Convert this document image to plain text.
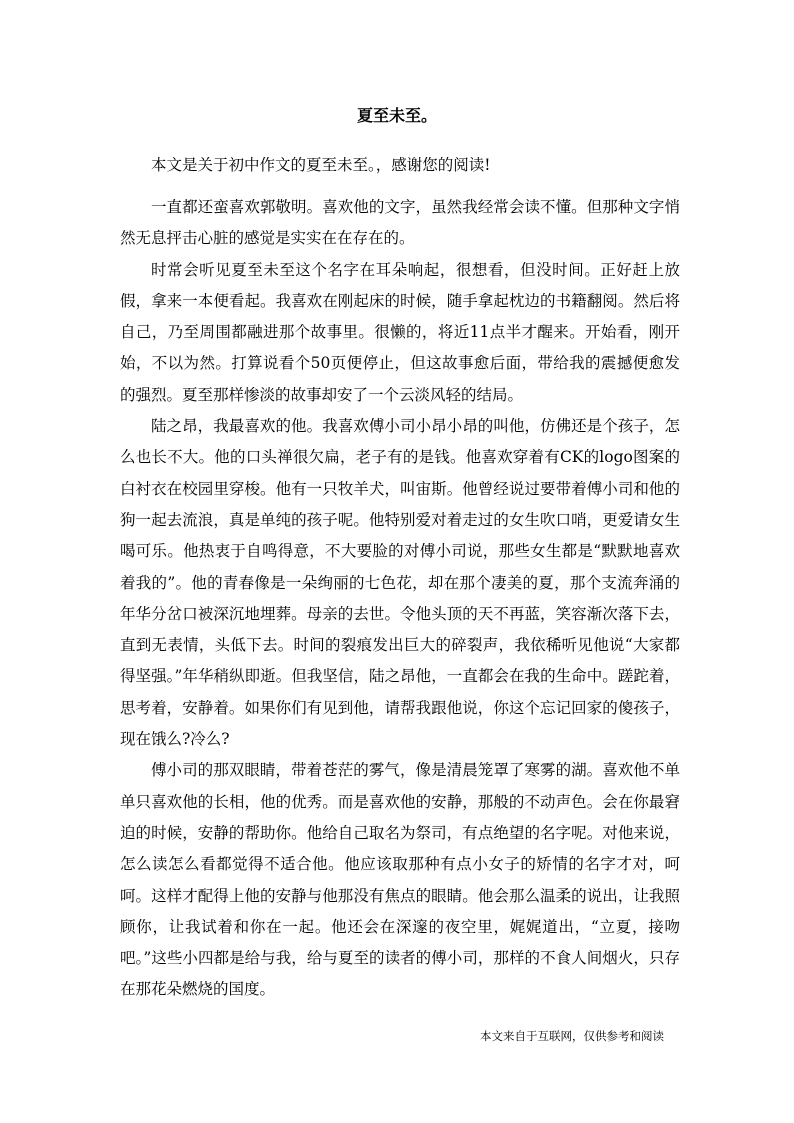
夏至未至。
本文是关于初中作文的夏至未至。，感谢您的阅读!

一直都还蛮喜欢郭敬明。喜欢他的文字，虽然我经常会读不懂。但那种文字悄然无息抨击心脏的感觉是实实在在存在的。

时常会听见夏至未至这个名字在耳朵响起，很想看，但没时间。正好赶上放假，拿来一本便看起。我喜欢在刚起床的时候，随手拿起枕边的书籍翻阅。然后将自己，乃至周围都融进那个故事里。很懒的，将近11点半才醒来。开始看，刚开始，不以为然。打算说看个50页便停止，但这故事愈后面，带给我的震撼便愈发的强烈。夏至那样惨淡的故事却安了一个云淡风轻的结局。

陆之昂，我最喜欢的他。我喜欢傅小司小昂小昂的叫他，仿佛还是个孩子，怎么也长不大。他的口头禅很欠扁，老子有的是钱。他喜欢穿着有CK的logo图案的白衬衣在校园里穿梭。他有一只牧羊犬，叫宙斯。他曾经说过要带着傅小司和他的狗一起去流浪，真是单纯的孩子呢。他特别爱对着走过的女生吹口哨，更爱请女生喝可乐。他热衷于自鸣得意，不大要脸的对傅小司说，那些女生都是“默默地喜欢着我的”。他的青春像是一朵绚丽的七色花，却在那个凄美的夏，那个支流奔涌的年华分岔口被深沉地埋葬。母亲的去世。令他头顶的天不再蓝，笑容渐次落下去，直到无表情，头低下去。时间的裂痕发出巨大的碎裂声，我依稀听见他说“大家都得坚强。”年华稍纵即逝。但我坚信，陆之昂他，一直都会在我的生命中。蹉跎着，思考着，安静着。如果你们有见到他，请帮我跟他说，你这个忘记回家的傻孩子，现在饿么?冷么?

傅小司的那双眼睛，带着苍茫的雾气，像是清晨笼罩了寒雾的湖。喜欢他不单单只喜欢他的长相，他的优秀。而是喜欢他的安静，那般的不动声色。会在你最窘迫的时候，安静的帮助你。他给自己取名为祭司，有点绝望的名字呢。对他来说，怎么读怎么看都觉得不适合他。他应该取那种有点小女子的矫情的名字才对，呵呵。这样才配得上他的安静与他那没有焦点的眼睛。他会那么温柔的说出，让我照顾你，让我试着和你在一起。他还会在深邃的夜空里，娓娓道出，“立夏，接吻吧。”这些小四都是给与我，给与夏至的读者的傅小司，那样的不食人间烟火，只存在那花朵燃烧的国度。

本文来自于互联网，仅供参考和阅读
